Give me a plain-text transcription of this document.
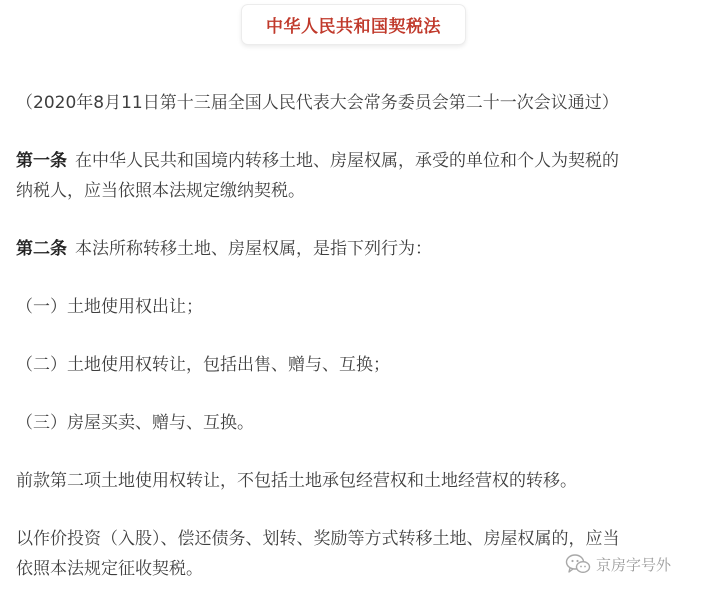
中华人民共和国契税法
（2020年8月11日第十三届全国人民代表大会常务委员会第二十一次会议通过）
第一条 在中华人民共和国境内转移土地、房屋权属，承受的单位和个人为契税的
纳税人，应当依照本法规定缴纳契税。
第二条 本法所称转移土地、房屋权属，是指下列行为：
（一）土地使用权出让；
（二）土地使用权转让，包括出售、赠与、互换；
（三）房屋买卖、赠与、互换。
前款第二项土地使用权转让，不包括土地承包经营权和土地经营权的转移。
以作价投资（入股）、偿还债务、划转、奖励等方式转移土地、房屋权属的，应当
依照本法规定征收契税。	京房字号外
